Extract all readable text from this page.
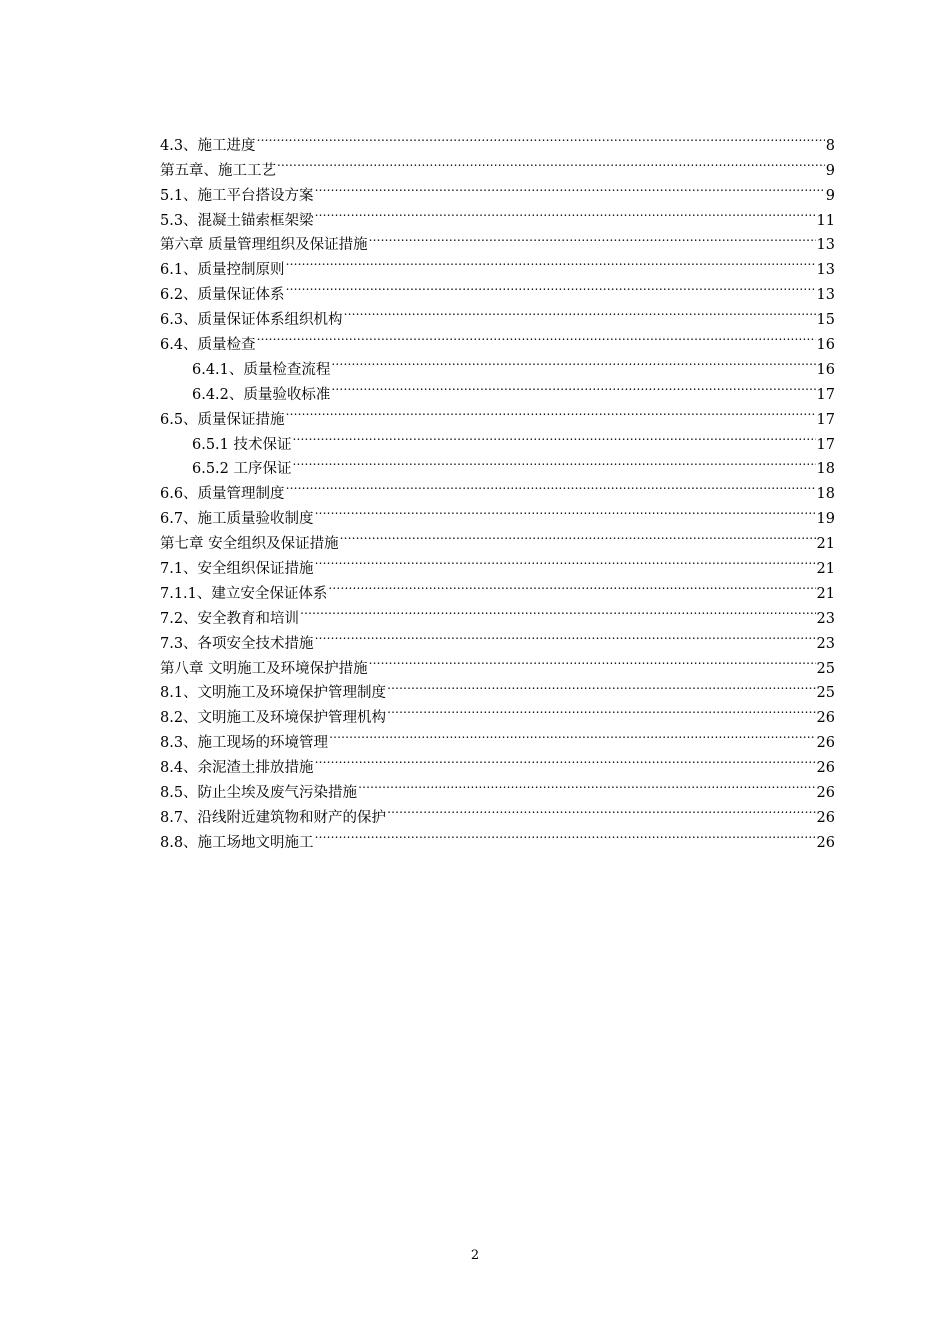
4.3、施工进度 .....	8
第五章、施工工艺 .....	9
5.1、施工平台搭设方案 .....	9
5.3、混凝土锚索框架梁 .....	11
第六章 质量管理组织及保证措施 .....	13
6.1、质量控制原则 .....	13
6.2、质量保证体系 .....	13
6.3、质量保证体系组织机构 .....	15
6.4、质量检查 .....	16
6.4.1、质量检查流程 .....	16
6.4.2、质量验收标准 .....	17
6.5、质量保证措施 .....	17
6.5.1 技术保证 .....	17
6.5.2 工序保证 .....	18
6.6、质量管理制度 .....	18
6.7、施工质量验收制度 .....	19
第七章 安全组织及保证措施 .....	21
7.1、安全组织保证措施 .....	21
7.1.1、建立安全保证体系 .....	21
7.2、安全教育和培训 .....	23
7.3、各项安全技术措施 .....	23
第八章 文明施工及环境保护措施 .....	25
8.1、文明施工及环境保护管理制度 .....	25
8.2、文明施工及环境保护管理机构 .....	26
8.3、施工现场的环境管理 .....	26
8.4、余泥渣土排放措施 .....	26
8.5、防止尘埃及废气污染措施 .....	26
8.7、沿线附近建筑物和财产的保护 .....	26
8.8、施工场地文明施工 .....	26
2
